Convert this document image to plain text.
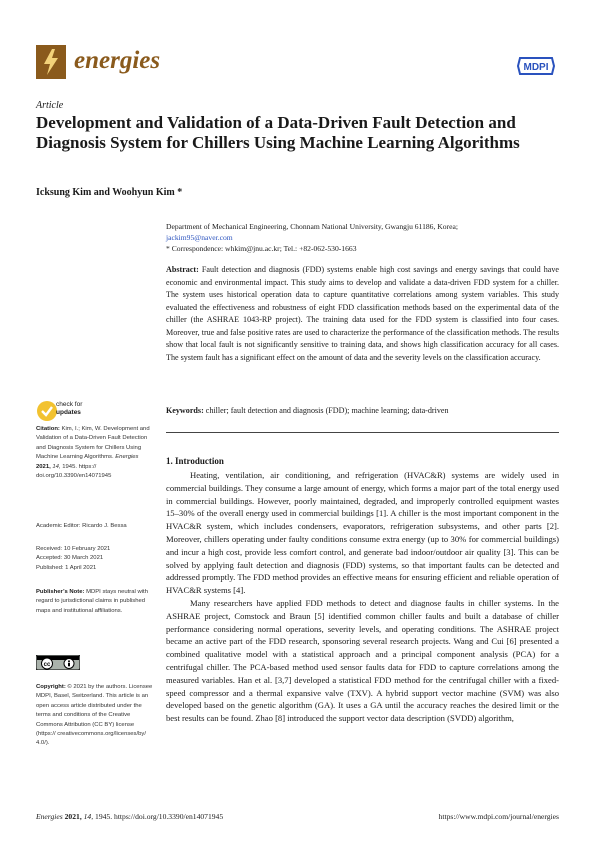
energies	MDPI
Article
Development and Validation of a Data-Driven Fault Detection and Diagnosis System for Chillers Using Machine Learning Algorithms
Icksung Kim and Woohyun Kim *
Department of Mechanical Engineering, Chonnam National University, Gwangju 61186, Korea;
jackim95@naver.com
* Correspondence: whkim@jnu.ac.kr; Tel.: +82-062-530-1663
Abstract: Fault detection and diagnosis (FDD) systems enable high cost savings and energy savings that could have economic and environmental impact. This study aims to develop and validate a data-driven FDD system for a chiller. The system uses historical operation data to capture quantitative correlations among system variables. This study evaluated the effectiveness and robustness of eight FDD classification methods based on the experimental data of the chiller (the ASHRAE 1043-RP project). The training data used for the FDD system is classified into four cases. Moreover, true and false positive rates are used to characterize the performance of the classification methods. The results show that local fault is not significantly sensitive to training data, and shows high classification accuracy for all cases. The system fault has a significant effect on the amount of data and the severity levels on the classification accuracy.
Keywords: chiller; fault detection and diagnosis (FDD); machine learning; data-driven
check for
updates
Citation: Kim, I.; Kim, W. Development and Validation of a Data-Driven Fault Detection and Diagnosis System for Chillers Using Machine Learning Algorithms. Energies 2021, 14, 1945. https:// doi.org/10.3390/en14071945
Academic Editor: Ricardo J. Bessa
Received: 10 February 2021
Accepted: 30 March 2021
Published: 1 April 2021
Publisher’s Note: MDPI stays neutral with regard to jurisdictional claims in published maps and institutional affiliations.
cc
Copyright: © 2021 by the authors. Licensee MDPI, Basel, Switzerland. This article is an open access article distributed under the terms and conditions of the Creative Commons Attribution (CC BY) license (https:// creativecommons.org/licenses/by/ 4.0/).
1. Introduction

Heating, ventilation, air conditioning, and refrigeration (HVAC&R) systems are widely used in commercial buildings. They consume a large amount of energy, which forms a major part of the total energy used in commercial buildings. However, poorly maintained, degraded, and improperly controlled equipment wastes 15–30% of the overall energy used in commercial buildings [1]. A chiller is the most important component in the HVAC&R system, which includes condensers, evaporators, refrigeration subsystems, and other parts [2]. Moreover, chillers operating under faulty conditions consume extra energy (up to 30% for commercial buildings) and incur a high cost, provide less comfort control, and generate bad indoor/outdoor air quality [3]. This can be solved by applying fault detection and diagnosis (FDD) systems, so that important faults can be detected and addressed promptly. The FDD method provides an effective means for ensuring efficient and reliable operation of HVAC&R systems [4].

Many researchers have applied FDD methods to detect and diagnose faults in chiller systems. In the ASHRAE project, Comstock and Braun [5] identified common chiller faults and built a database of chiller performance considering normal operations, severity levels, and operating conditions. The ASHRAE project became an active part of the FDD research, sponsoring several research projects. Wang and Cui [6] presented a combined qualitative model with a statistical approach and a principal component analysis (PCA) for a centrifugal chiller. The PCA-based method used sensor faults data for FDD to capture correlations among the measured variables. Han et al. [3,7] developed a statistical FDD method for the centrifugal chiller with a fixed-speed compressor and a thermal expansive valve (TXV). A hybrid support vector machine (SVM) was also developed based on the genetic algorithm (GA). It uses a GA until the accuracy reaches the desired limit or the best results can be found. Zhao [8] introduced the support vector data description (SVDD) algorithm,

Energies 2021, 14, 1945. https://doi.org/10.3390/en14071945	https://www.mdpi.com/journal/energies
